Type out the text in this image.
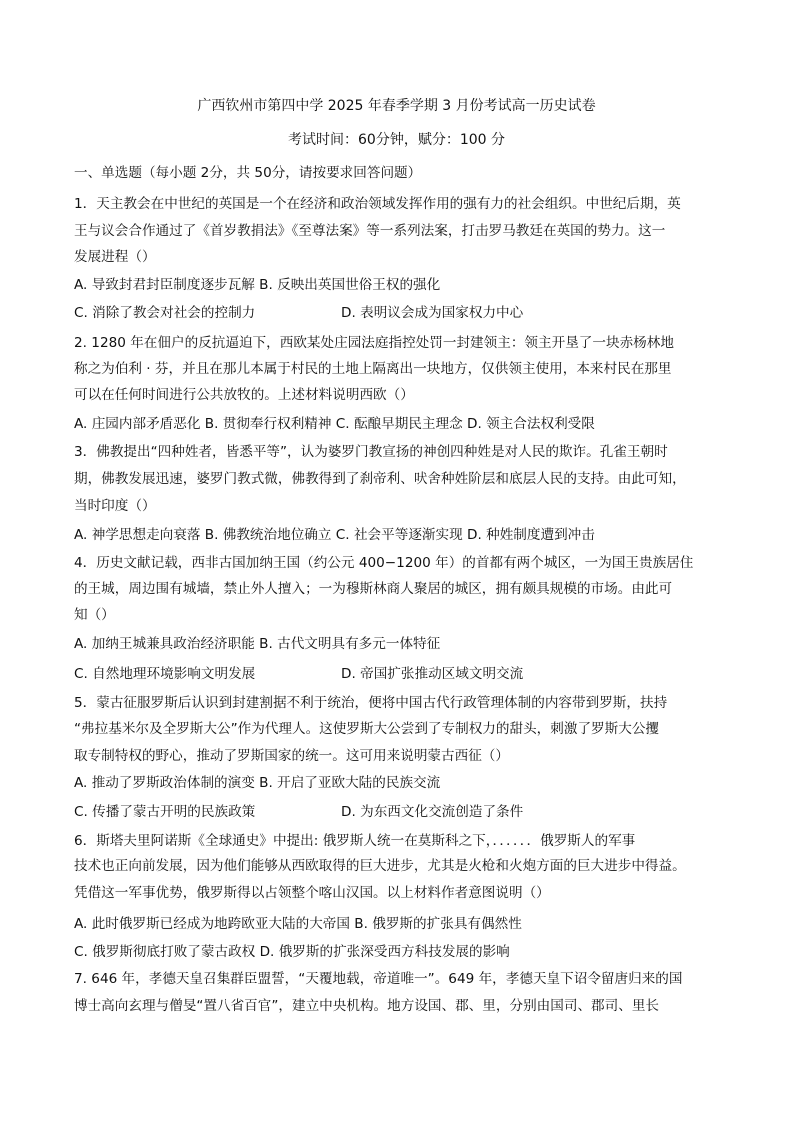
广西钦州市第四中学 2025 年春季学期 3 月份考试高一历史试卷
考试时间：60分钟，赋分：100 分
一、单选题（每小题 2分，共 50分，请按要求回答问题）
1．天主教会在中世纪的英国是一个在经济和政治领域发挥作用的强有力的社会组织。中世纪后期，英
王与议会合作通过了《首岁教捐法》《至尊法案》等一系列法案，打击罗马教廷在英国的势力。这一
发展进程（）
A. 导致封君封臣制度逐步瓦解 B. 反映出英国世俗王权的强化
C. 消除了教会对社会的控制力	D. 表明议会成为国家权力中心
2. 1280 年在佃户的反抗逼迫下，西欧某处庄园法庭指控处罚一封建领主：领主开垦了一块赤杨林地
称之为伯利 · 芬，并且在那儿本属于村民的土地上隔离出一块地方，仅供领主使用，本来村民在那里
可以在任何时间进行公共放牧的。上述材料说明西欧（）
A. 庄园内部矛盾恶化 B. 贯彻奉行权利精神 C. 酝酿早期民主理念 D. 领主合法权利受限
3．佛教提出“四种姓者，皆悉平等”，认为婆罗门教宣扬的神创四种姓是对人民的欺诈。孔雀王朝时
期，佛教发展迅速，婆罗门教式微，佛教得到了刹帝利、吠舍种姓阶层和底层人民的支持。由此可知，
当时印度（）
A. 神学思想走向衰落 B. 佛教统治地位确立 C. 社会平等逐渐实现 D. 种姓制度遭到冲击
4．历史文献记载，西非古国加纳王国（约公元 400−1200 年）的首都有两个城区，一为国王贵族居住
的王城，周边围有城墙，禁止外人擅入；一为穆斯林商人聚居的城区，拥有颇具规模的市场。由此可
知（）
A. 加纳王城兼具政治经济职能 B. 古代文明具有多元一体特征
C. 自然地理环境影响文明发展	D. 帝国扩张推动区域文明交流
5．蒙古征服罗斯后认识到封建割据不利于统治，便将中国古代行政管理体制的内容带到罗斯，扶持
“弗拉基米尔及全罗斯大公”作为代理人。这使罗斯大公尝到了专制权力的甜头，刺激了罗斯大公攫
取专制特权的野心，推动了罗斯国家的统一。这可用来说明蒙古西征（）
A. 推动了罗斯政治体制的演变 B. 开启了亚欧大陆的民族交流
C. 传播了蒙古开明的民族政策	D. 为东西文化交流创造了条件
6．斯塔夫里阿诺斯《全球通史》中提出: 俄罗斯人统一在莫斯科之下，．．．．．．俄罗斯人的军事
技术也正向前发展，因为他们能够从西欧取得的巨大进步，尤其是火枪和火炮方面的巨大进步中得益。
凭借这一军事优势，俄罗斯得以占领整个喀山汉国。以上材料作者意图说明（）
A. 此时俄罗斯已经成为地跨欧亚大陆的大帝国 B. 俄罗斯的扩张具有偶然性
C. 俄罗斯彻底打败了蒙古政权 D. 俄罗斯的扩张深受西方科技发展的影响
7. 646 年，孝德天皇召集群臣盟誓，“天覆地载，帝道唯一”。649 年，孝德天皇下诏令留唐归来的国
博士高向玄理与僧旻“置八省百官”，建立中央机构。地方设国、郡、里，分别由国司、郡司、里长
